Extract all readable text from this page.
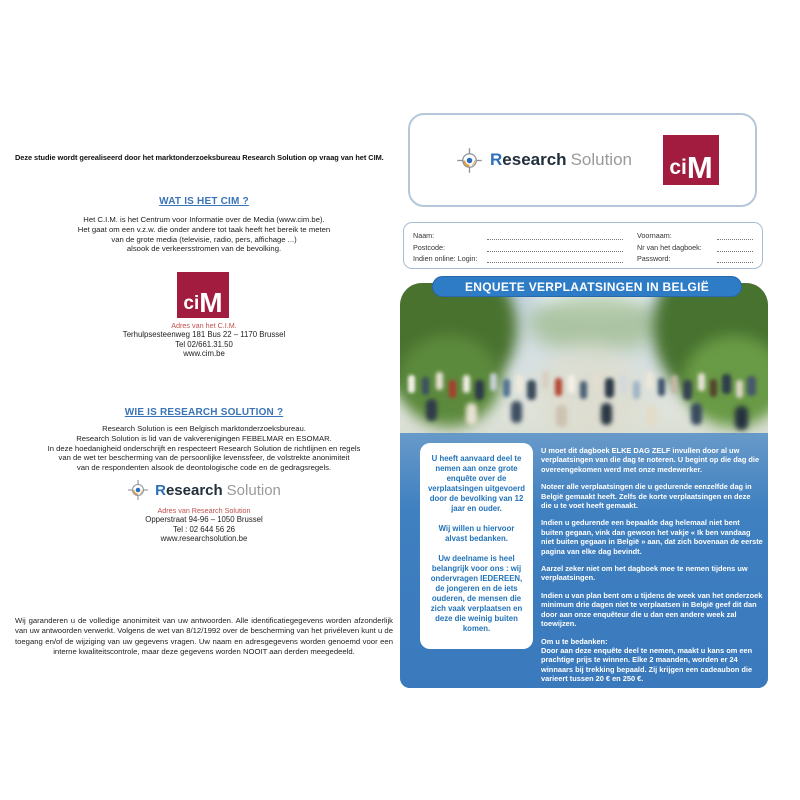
Deze studie wordt gerealiseerd door het marktonderzoeksbureau Research Solution op vraag van het CIM.
WAT IS HET CIM ?
Het C.I.M. is het Centrum voor Informatie over de Media (www.cim.be).
Het gaat om een v.z.w. die onder andere tot taak heeft het bereik te meten
van de grote media (televisie, radio, pers, affichage ...)
alsook de verkeersstromen van de bevolking.
ci M
Adres van het C.I.M.
Terhulpsesteenweg 181 Bus 22 – 1170 Brussel
Tel 02/661.31.50
www.cim.be
WIE IS RESEARCH SOLUTION ?
Research Solution is een Belgisch marktonderzoeksbureau.
Research Solution is lid van de vakverenigingen FEBELMAR en ESOMAR.
In deze hoedanigheid onderschrijft en respecteert Research Solution de richtlijnen en regels
van de wet ter bescherming van de persoonlijke levenssfeer, de volstrekte anonimiteit
van de respondenten alsook de deontologische code en de gedragsregels.
Research Solution
Adres van Research Solution
Opperstraat 94-96 – 1050 Brussel
Tel : 02 644 56 26
www.researchsolution.be
Wij garanderen u de volledige anonimiteit van uw antwoorden. Alle identificatiegegevens worden afzonderlijk van uw antwoorden verwerkt. Volgens de wet van 8/12/1992 over de bescherming van het privéleven kunt u de toegang en/of de wijziging van uw gegevens vragen. Uw naam en adresgegevens worden genoemd voor een interne kwaliteitscontrole, maar deze gegevens worden NOOIT aan derden meegedeeld.
Research Solution ci M
Naam:	Voornaam:
Postcode:	Nr van het dagboek:
Indien online: Login:	Password:
ENQUETE VERPLAATSINGEN IN BELGIË

U heeft aanvaard deel te nemen aan onze grote enquête over de verplaatsingen uitgevoerd door de bevolking van 12 jaar en ouder.

Wij willen u hiervoor alvast bedanken.

Uw deelname is heel belangrijk voor ons : wij ondervragen IEDEREEN, de jongeren en de iets ouderen, de mensen die zich vaak verplaatsen en deze die weinig buiten komen.

U moet dit dagboek ELKE DAG ZELF invullen door al uw verplaatsingen van die dag te noteren. U begint op die dag die overeengekomen werd met onze medewerker.

Noteer alle verplaatsingen die u gedurende eenzelfde dag in België gemaakt heeft. Zelfs de korte verplaatsingen en deze die u te voet heeft gemaakt.

Indien u gedurende een bepaalde dag helemaal niet bent buiten gegaan, vink dan gewoon het vakje « Ik ben vandaag niet buiten gegaan in België » aan, dat zich bovenaan de eerste pagina van elke dag bevindt.

Aarzel zeker niet om het dagboek mee te nemen tijdens uw verplaatsingen.

Indien u van plan bent om u tijdens de week van het onderzoek minimum drie dagen niet te verplaatsen in België geef dit dan door aan onze enquêteur die u dan een andere week zal toewijzen.

Om u te bedanken:

Door aan deze enquête deel te nemen, maakt u kans om een prachtige prijs te winnen. Elke 2 maanden, worden er 24 winnaars bij trekking bepaald. Zij krijgen een cadeaubon die varieert tussen 20 € en 250 €.
